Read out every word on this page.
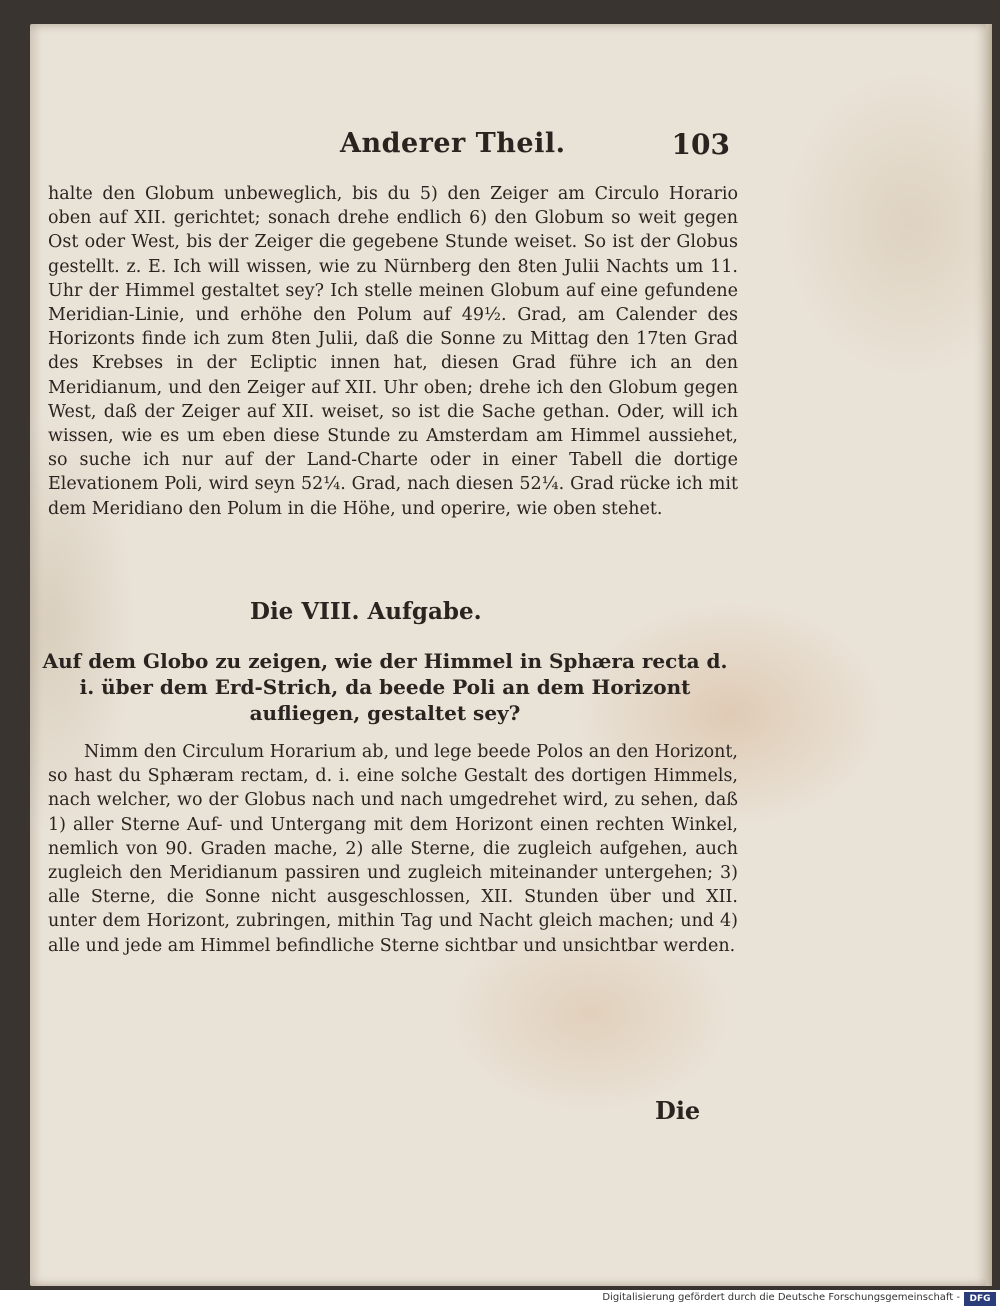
Anderer Theil.	103
halte den Globum unbeweglich, bis du 5) den Zeiger am Circulo Horario oben auf XII. gerichtet; sonach drehe endlich 6) den Globum so weit gegen Ost oder West, bis der Zeiger die gegebene Stunde weiset. So ist der Globus gestellt. z. E. Ich will wissen, wie zu Nürnberg den 8ten Julii Nachts um 11. Uhr der Himmel gestaltet sey? Ich stelle meinen Globum auf eine gefundene Meridian-Linie, und erhöhe den Polum auf 49½. Grad, am Calender des Horizonts finde ich zum 8ten Julii, daß die Sonne zu Mittag den 17ten Grad des Krebses in der Ecliptic innen hat, diesen Grad führe ich an den Meridianum, und den Zeiger auf XII. Uhr oben; drehe ich den Globum gegen West, daß der Zeiger auf XII. weiset, so ist die Sache gethan. Oder, will ich wissen, wie es um eben diese Stunde zu Amsterdam am Himmel aussiehet, so suche ich nur auf der Land-Charte oder in einer Tabell die dortige Elevationem Poli, wird seyn 52¼. Grad, nach diesen 52¼. Grad rücke ich mit dem Meridiano den Polum in die Höhe, und operire, wie oben stehet.
Die VIII. Aufgabe.
Auf dem Globo zu zeigen, wie der Himmel in Sphæra recta d. i. über dem Erd-Strich, da beede Poli an dem Horizont aufliegen, gestaltet sey?
Nimm den Circulum Horarium ab, und lege beede Polos an den Horizont, so hast du Sphæram rectam, d. i. eine solche Gestalt des dortigen Himmels, nach welcher, wo der Globus nach und nach umgedrehet wird, zu sehen, daß 1) aller Sterne Auf- und Untergang mit dem Horizont einen rechten Winkel, nemlich von 90. Graden mache, 2) alle Sterne, die zugleich aufgehen, auch zugleich den Meridianum passiren und zugleich miteinander untergehen; 3) alle Sterne, die Sonne nicht ausgeschlossen, XII. Stunden über und XII. unter dem Horizont, zubringen, mithin Tag und Nacht gleich machen; und 4) alle und jede am Himmel befindliche Sterne sichtbar und unsichtbar werden.
Die
Digitalisierung gefördert durch die Deutsche Forschungsgemeinschaft -	DFG
